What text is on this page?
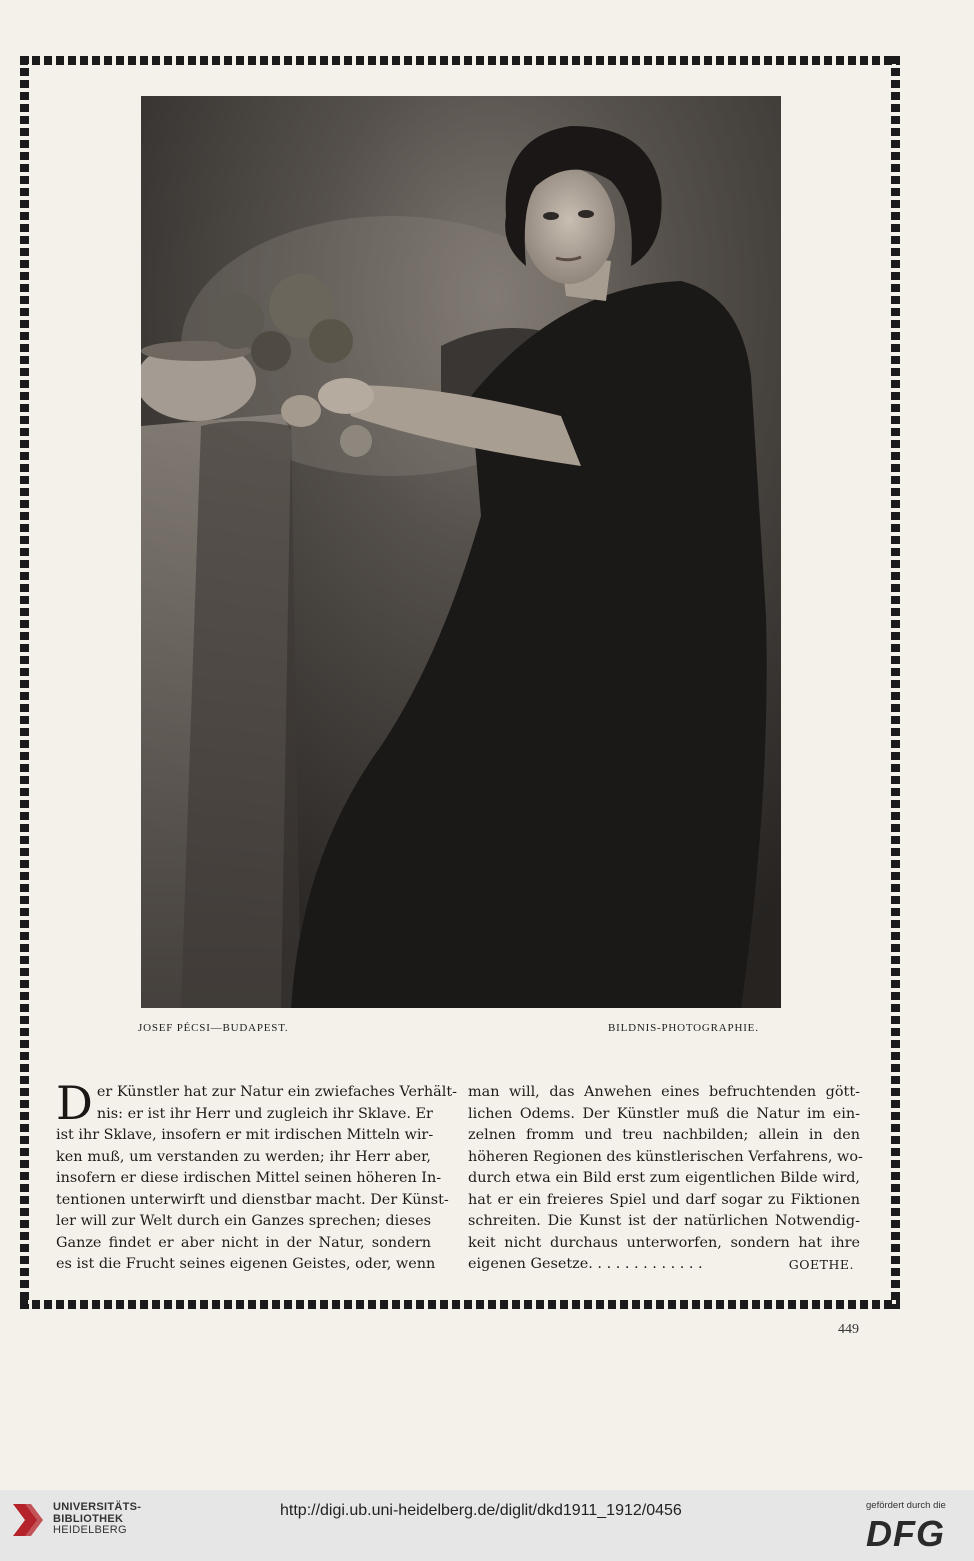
JOSEF PÉCSI—BUDAPEST.	BILDNIS-PHOTOGRAPHIE.
D er Künstler hat zur Natur ein zwiefaches Verhält-
nis: er ist ihr Herr und zugleich ihr Sklave. Er
ist ihr Sklave, insofern er mit irdischen Mitteln wir-
ken muß, um verstanden zu werden; ihr Herr aber,
insofern er diese irdischen Mittel seinen höheren In-
tentionen unterwirft und dienstbar macht. Der Künst-
ler will zur Welt durch ein Ganzes sprechen; dieses
Ganze findet er aber nicht in der Natur, sondern
es ist die Frucht seines eigenen Geistes, oder, wenn
man will, das Anwehen eines befruchtenden gött-
lichen Odems. Der Künstler muß die Natur im ein-
zelnen fromm und treu nachbilden; allein in den
höheren Regionen des künstlerischen Verfahrens, wo-
durch etwa ein Bild erst zum eigentlichen Bilde wird,
hat er ein freieres Spiel und darf sogar zu Fiktionen
schreiten. Die Kunst ist der natürlichen Notwendig-
keit nicht durchaus unterworfen, sondern hat ihre
eigenen Gesetze. . . . . . . . . . . . .	GOETHE.
449
UNIVERSITÄTS-
BIBLIOTHEK
HEIDELBERG
http://digi.ub.uni-heidelberg.de/diglit/dkd1911_1912/0456	gefördert durch die
DFG
